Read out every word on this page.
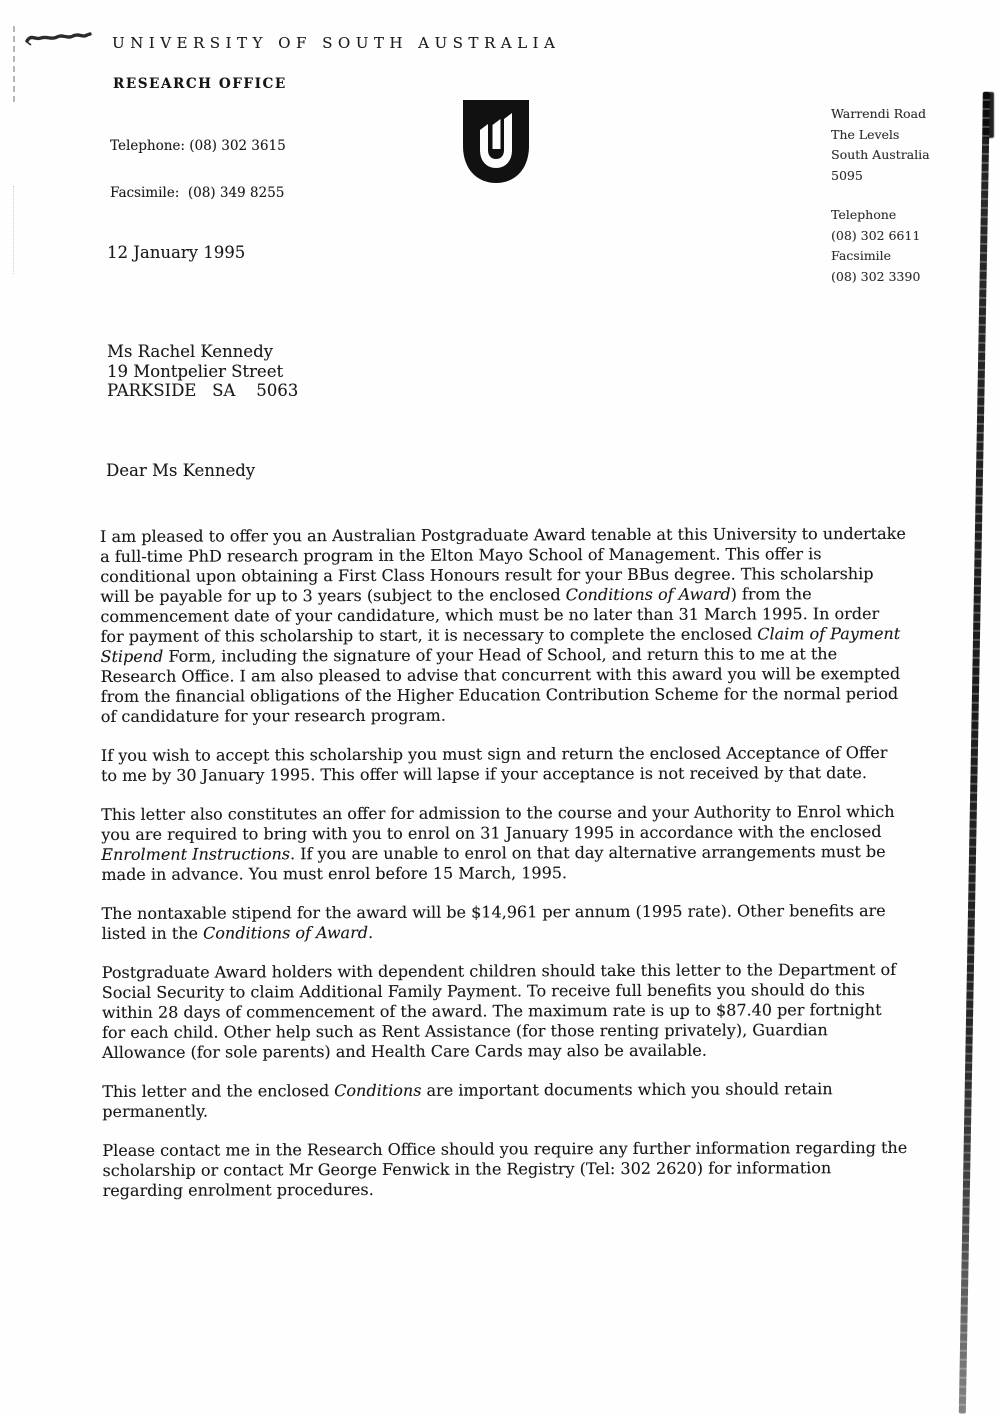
UNIVERSITY OF SOUTH AUSTRALIA
RESEARCH OFFICE

Telephone: (08) 302 3615

Facsimile:  (08) 349 8255

Warrendi Road
The Levels
South Australia
5095
Telephone
(08) 302 6611
Facsimile
(08) 302 3390
12 January 1995
Ms Rachel Kennedy
19 Montpelier Street
PARKSIDE   SA    5063
Dear Ms Kennedy

I am pleased to offer you an Australian Postgraduate Award tenable at this University to undertake a full-time PhD research program in the Elton Mayo School of Management. This offer is conditional upon obtaining a First Class Honours result for your BBus degree. This scholarship will be payable for up to 3 years (subject to the enclosed Conditions of Award) from the commencement date of your candidature, which must be no later than 31 March 1995. In order for payment of this scholarship to start, it is necessary to complete the enclosed Claim of Payment Stipend Form, including the signature of your Head of School, and return this to me at the Research Office. I am also pleased to advise that concurrent with this award you will be exempted from the financial obligations of the Higher Education Contribution Scheme for the normal period of candidature for your research program.

If you wish to accept this scholarship you must sign and return the enclosed Acceptance of Offer to me by 30 January 1995. This offer will lapse if your acceptance is not received by that date.

This letter also constitutes an offer for admission to the course and your Authority to Enrol which you are required to bring with you to enrol on 31 January 1995 in accordance with the enclosed Enrolment Instructions. If you are unable to enrol on that day alternative arrangements must be made in advance. You must enrol before 15 March, 1995.

The nontaxable stipend for the award will be $14,961 per annum (1995 rate). Other benefits are listed in the Conditions of Award.

Postgraduate Award holders with dependent children should take this letter to the Department of Social Security to claim Additional Family Payment. To receive full benefits you should do this within 28 days of commencement of the award. The maximum rate is up to $87.40 per fortnight for each child. Other help such as Rent Assistance (for those renting privately), Guardian Allowance (for sole parents) and Health Care Cards may also be available.

This letter and the enclosed Conditions are important documents which you should retain permanently.

Please contact me in the Research Office should you require any further information regarding the scholarship or contact Mr George Fenwick in the Registry (Tel: 302 2620) for information regarding enrolment procedures.
